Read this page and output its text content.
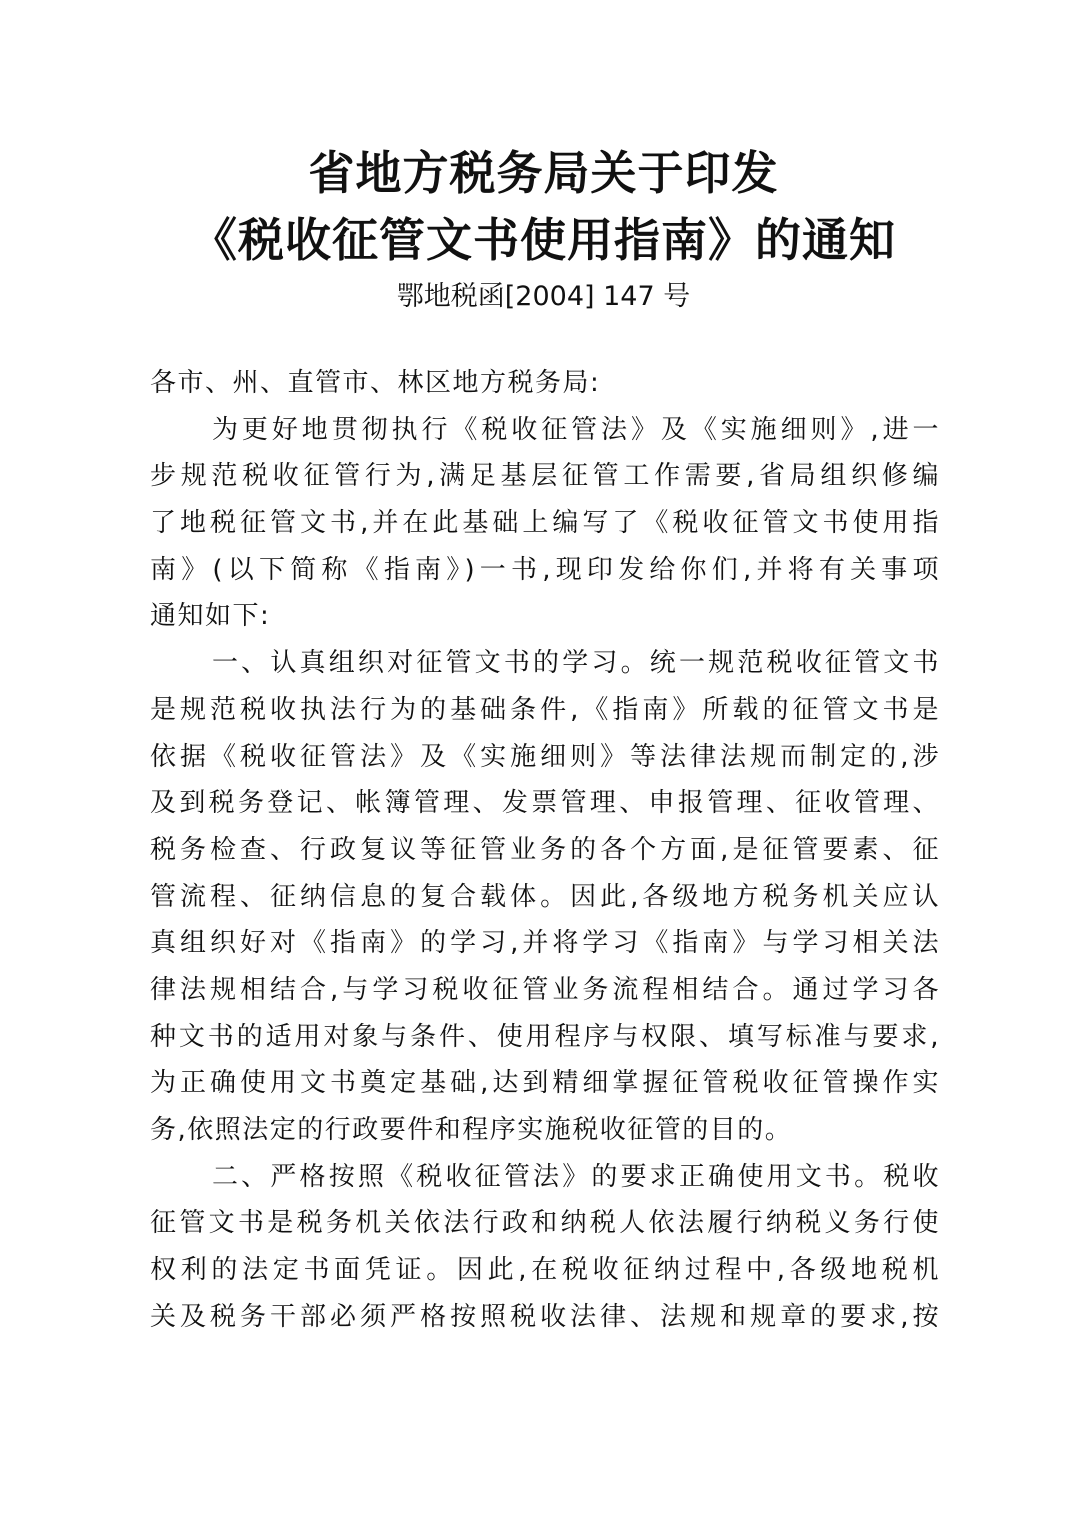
省地方税务局关于印发
《税收征管文书使用指南》的通知
鄂地税函[2004] 147 号
各市、州、直管市、林区地方税务局:
为更好地贯彻执行《税收征管法》及《实施细则》,进一
步规范税收征管行为,满足基层征管工作需要,省局组织修编
了地税征管文书,并在此基础上编写了《税收征管文书使用指
南》(以下简称《指南》)一书,现印发给你们,并将有关事项
通知如下:
一、认真组织对征管文书的学习。统一规范税收征管文书
是规范税收执法行为的基础条件,《指南》所载的征管文书是
依据《税收征管法》及《实施细则》等法律法规而制定的,涉
及到税务登记、帐簿管理、发票管理、申报管理、征收管理、
税务检查、行政复议等征管业务的各个方面,是征管要素、征
管流程、征纳信息的复合载体。因此,各级地方税务机关应认
真组织好对《指南》的学习,并将学习《指南》与学习相关法
律法规相结合,与学习税收征管业务流程相结合。通过学习各
种文书的适用对象与条件、使用程序与权限、填写标准与要求,
为正确使用文书奠定基础,达到精细掌握征管税收征管操作实
务,依照法定的行政要件和程序实施税收征管的目的。
二、严格按照《税收征管法》的要求正确使用文书。税收
征管文书是税务机关依法行政和纳税人依法履行纳税义务行使
权利的法定书面凭证。因此,在税收征纳过程中,各级地税机
关及税务干部必须严格按照税收法律、法规和规章的要求,按
